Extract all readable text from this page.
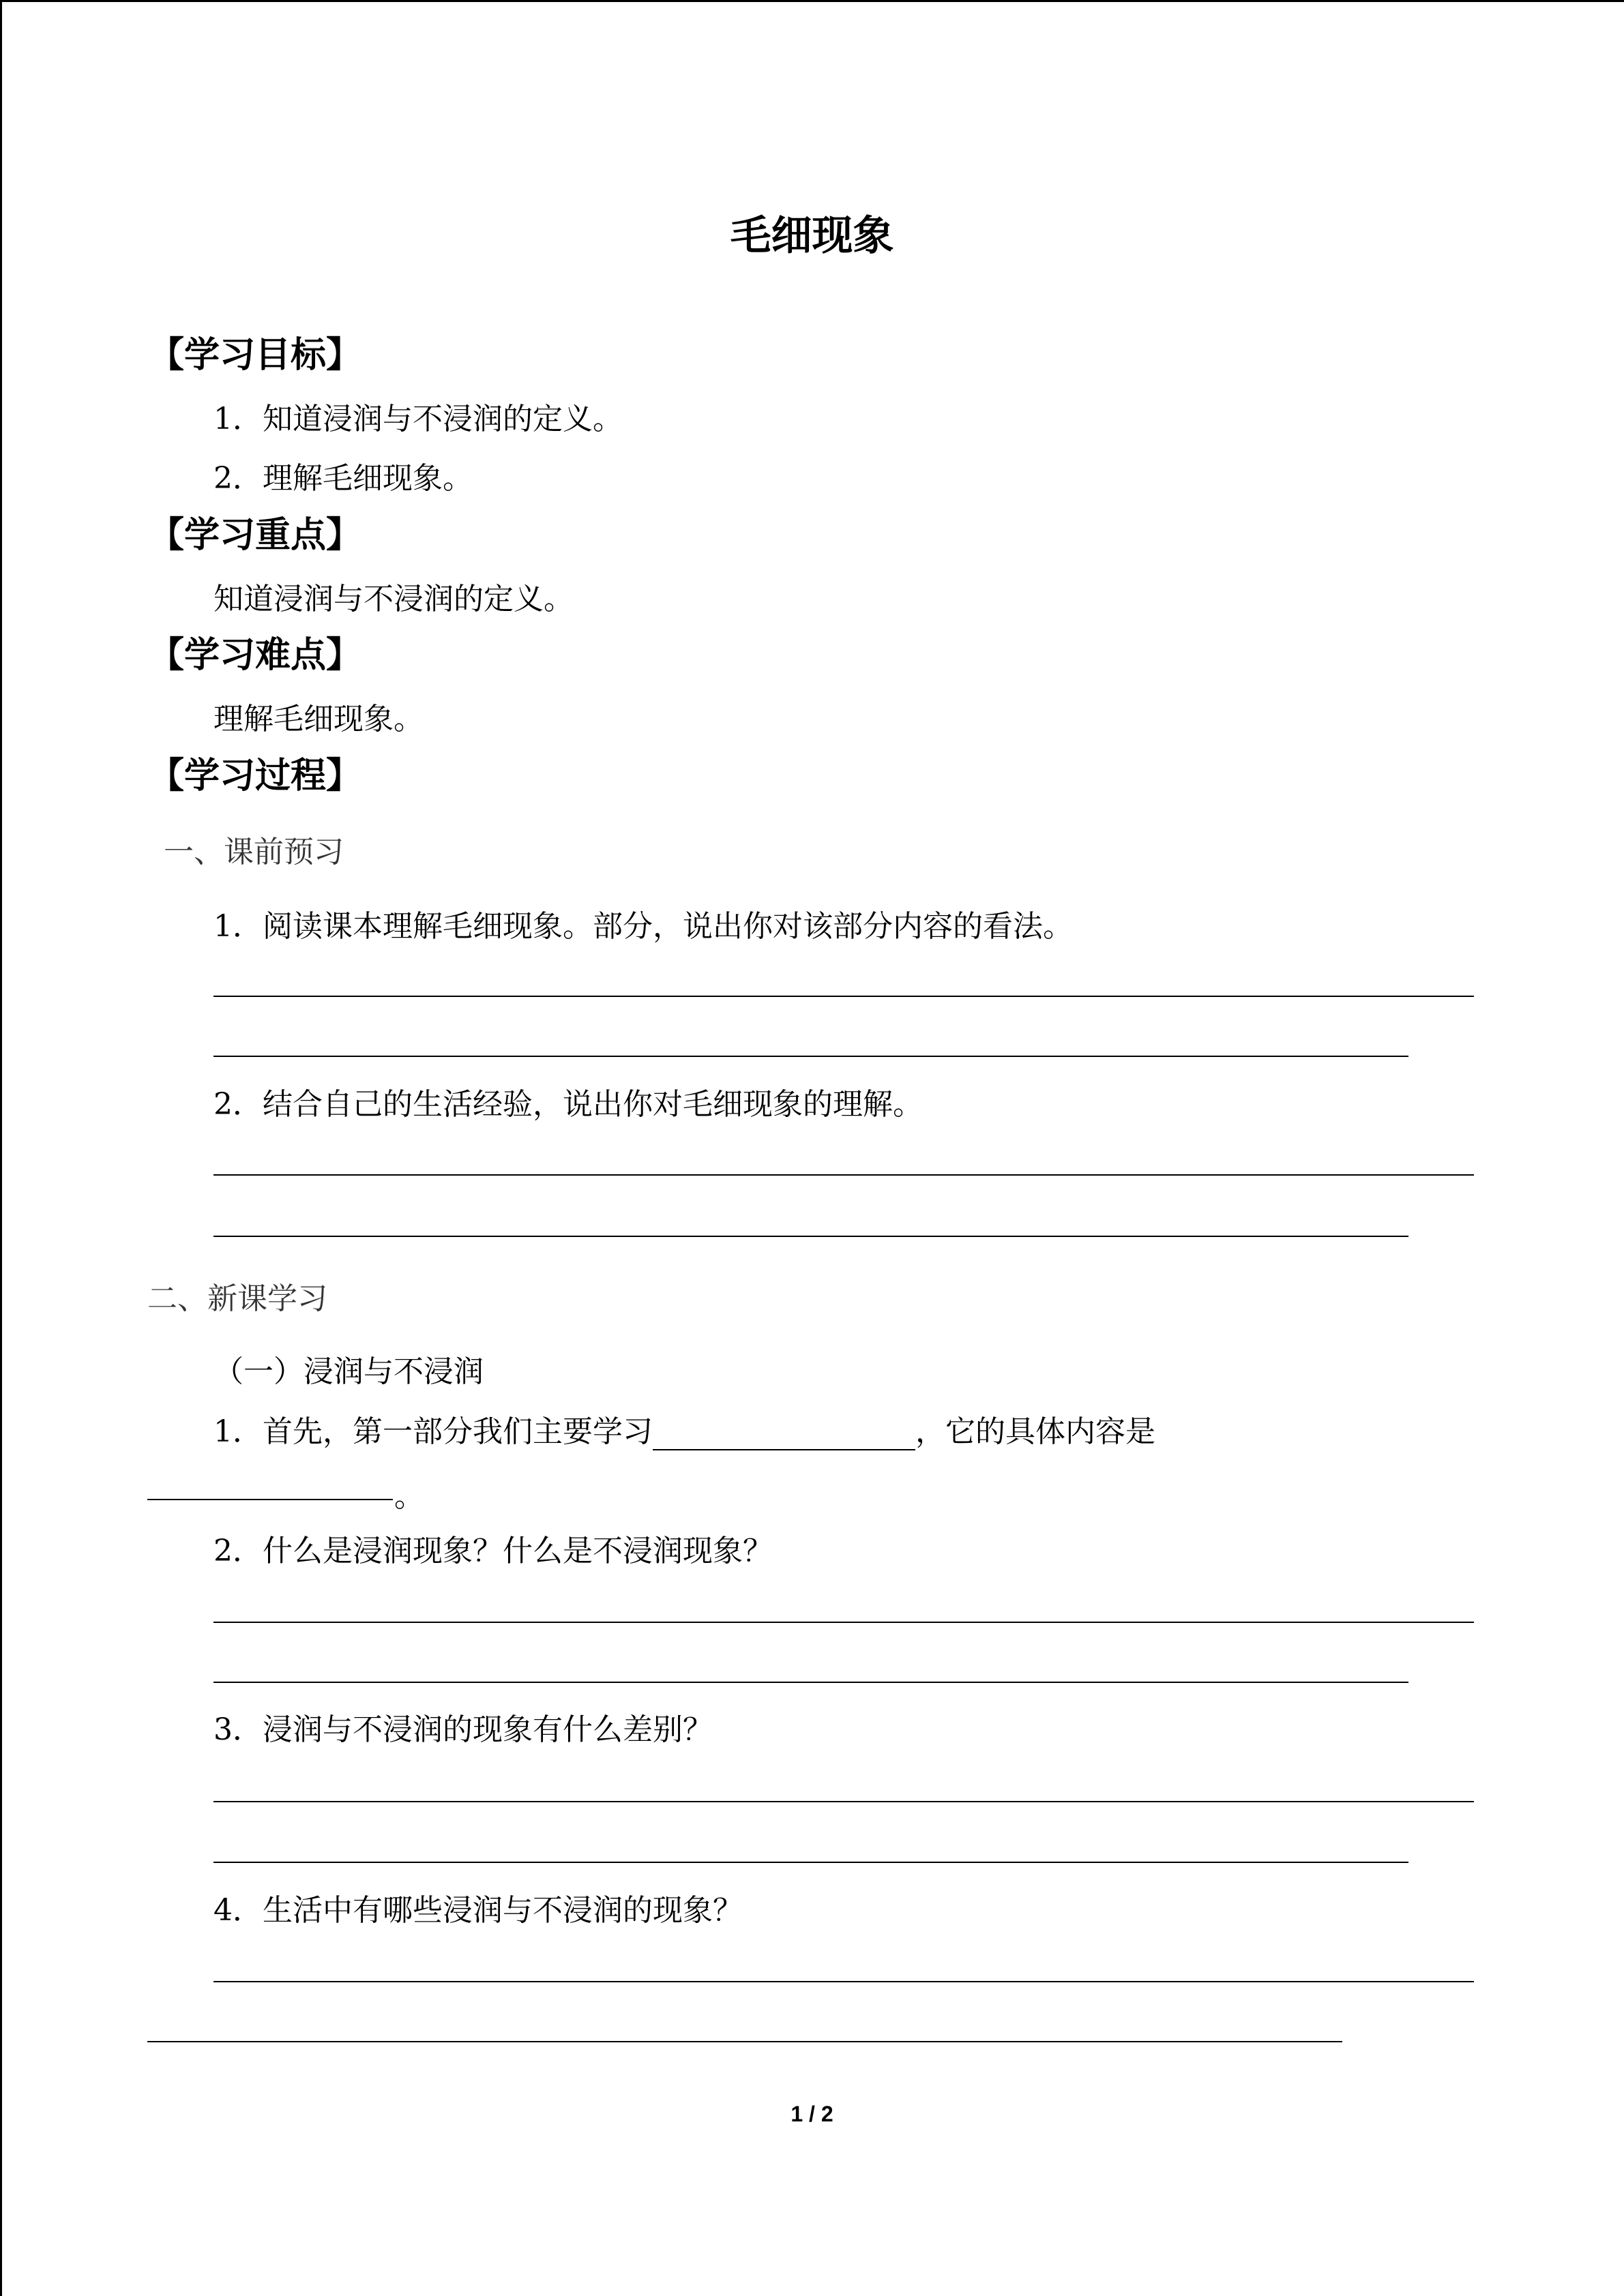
毛细现象
【学习目标】
1．知道浸润与不浸润的定义。
2．理解毛细现象。
【学习重点】
知道浸润与不浸润的定义。
【学习难点】
理解毛细现象。
【学习过程】
一、课前预习
1．阅读课本理解毛细现象。部分，说出你对该部分内容的看法。
2．结合自己的生活经验，说出你对毛细现象的理解。
二、新课学习
（一）浸润与不浸润
1．首先，第一部分我们主要学习	，它的具体内容是
。
2．什么是浸润现象？什么是不浸润现象？
3．浸润与不浸润的现象有什么差别？
4．生活中有哪些浸润与不浸润的现象？
1 / 2
